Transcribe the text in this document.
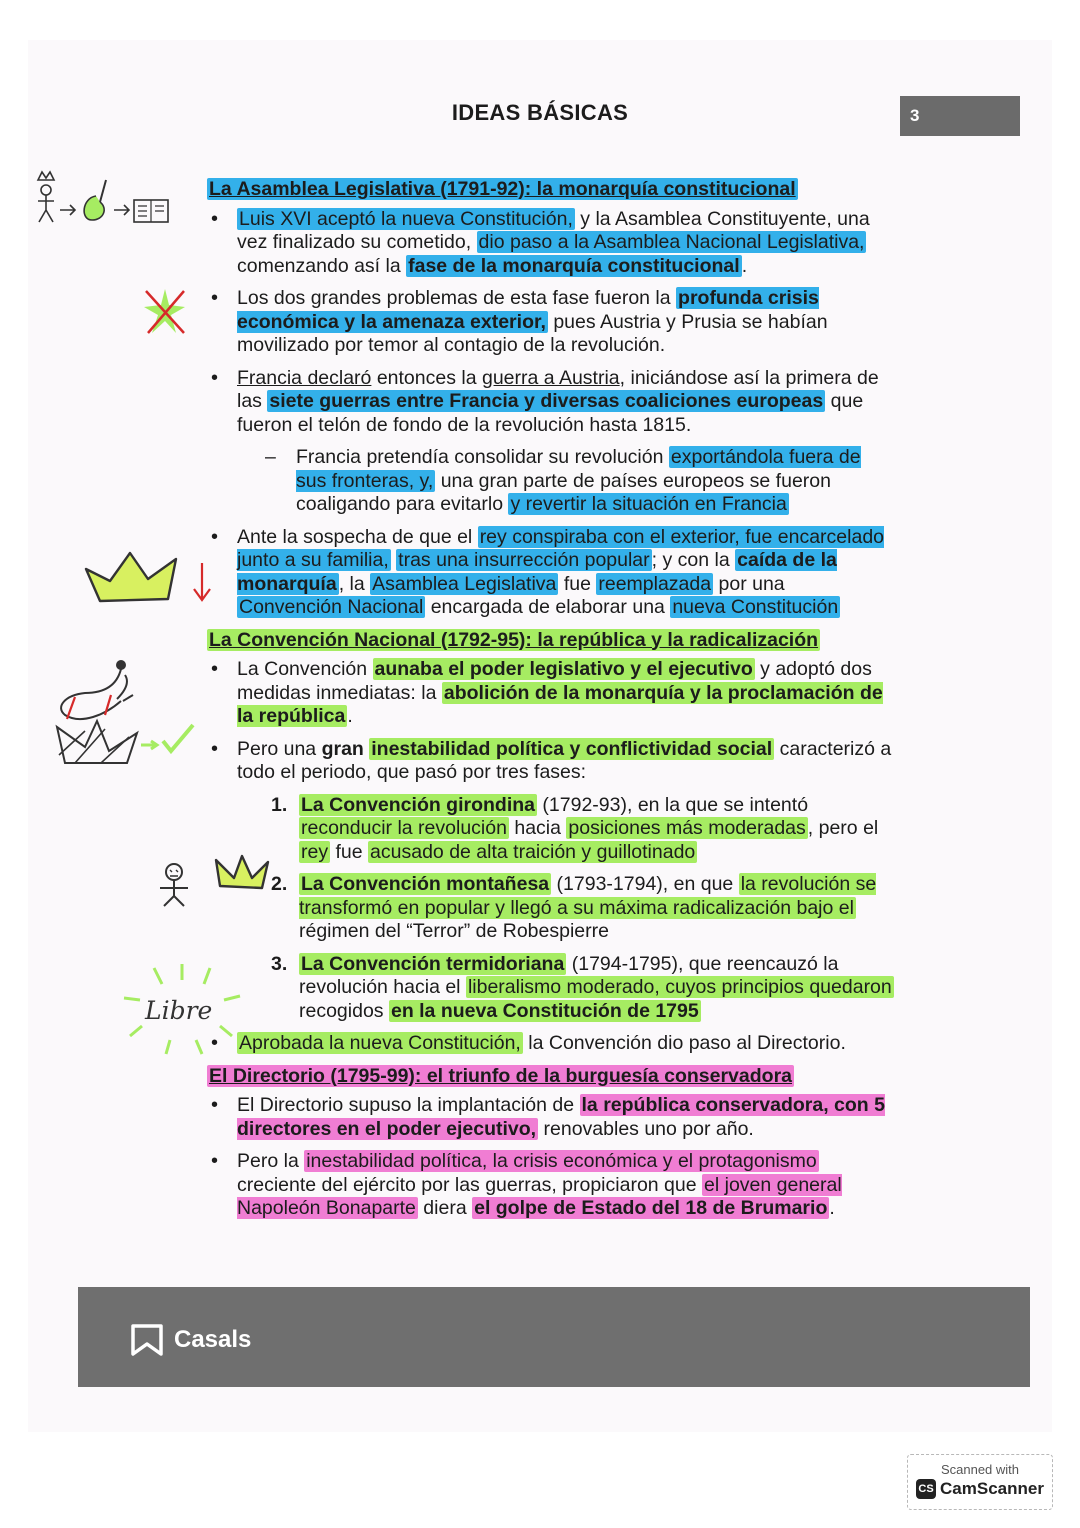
IDEAS BÁSICAS	3
Libre
La Asamblea Legislativa (1791-92): la monarquía constitucional
• Luis XVI aceptó la nueva Constitución, y la Asamblea Constituyente, una vez finalizado su cometido, dio paso a la Asamblea Nacional Legislativa, comenzando así la fase de la monarquía constitucional .
• Los dos grandes problemas de esta fase fueron la profunda crisis económica y la amenaza exterior, pues Austria y Prusia se habían movilizado por temor al contagio de la revolución.
• Francia declaró entonces la guerra a Austria, iniciándose así la primera de las siete guerras entre Francia y diversas coaliciones europeas que fueron el telón de fondo de la revolución hasta 1815.
– Francia pretendía consolidar su revolución exportándola fuera de sus fronteras, y, una gran parte de países europeos se fueron coaligando para evitarlo y revertir la situación en Francia
• Ante la sospecha de que el rey conspiraba con el exterior, fue encarcelado junto a su familia, tras una insurrección popular ; y con la caída de la monarquía , la Asamblea Legislativa fue reemplazada por una Convención Nacional encargada de elaborar una nueva Constitución
La Convención Nacional (1792-95): la república y la radicalización
• La Convención aunaba el poder legislativo y el ejecutivo y adoptó dos medidas inmediatas: la abolición de la monarquía y la proclamación de la república .
• Pero una gran inestabilidad política y conflictividad social caracterizó a todo el periodo, que pasó por tres fases:
1. La Convención girondina (1792-93), en la que se intentó reconducir la revolución hacia posiciones más moderadas , pero el rey fue acusado de alta traición y guillotinado
2. La Convención montañesa (1793-1794), en que la revolución se transformó en popular y llegó a su máxima radicalización bajo el régimen del “Terror” de Robespierre
3. La Convención termidoriana (1794-1795), que reencauzó la revolución hacia el liberalismo moderado, cuyos principios quedaron recogidos en la nueva Constitución de 1795
• Aprobada la nueva Constitución, la Convención dio paso al Directorio.
El Directorio (1795-99): el triunfo de la burguesía conservadora
• El Directorio supuso la implantación de la república conservadora, con 5 directores en el poder ejecutivo, renovables uno por año.
• Pero la inestabilidad política, la crisis económica y el protagonismo creciente del ejército por las guerras, propiciaron que el joven general Napoleón Bonaparte diera el golpe de Estado del 18 de Brumario .
Casals
Scanned with
CS CamScanner
